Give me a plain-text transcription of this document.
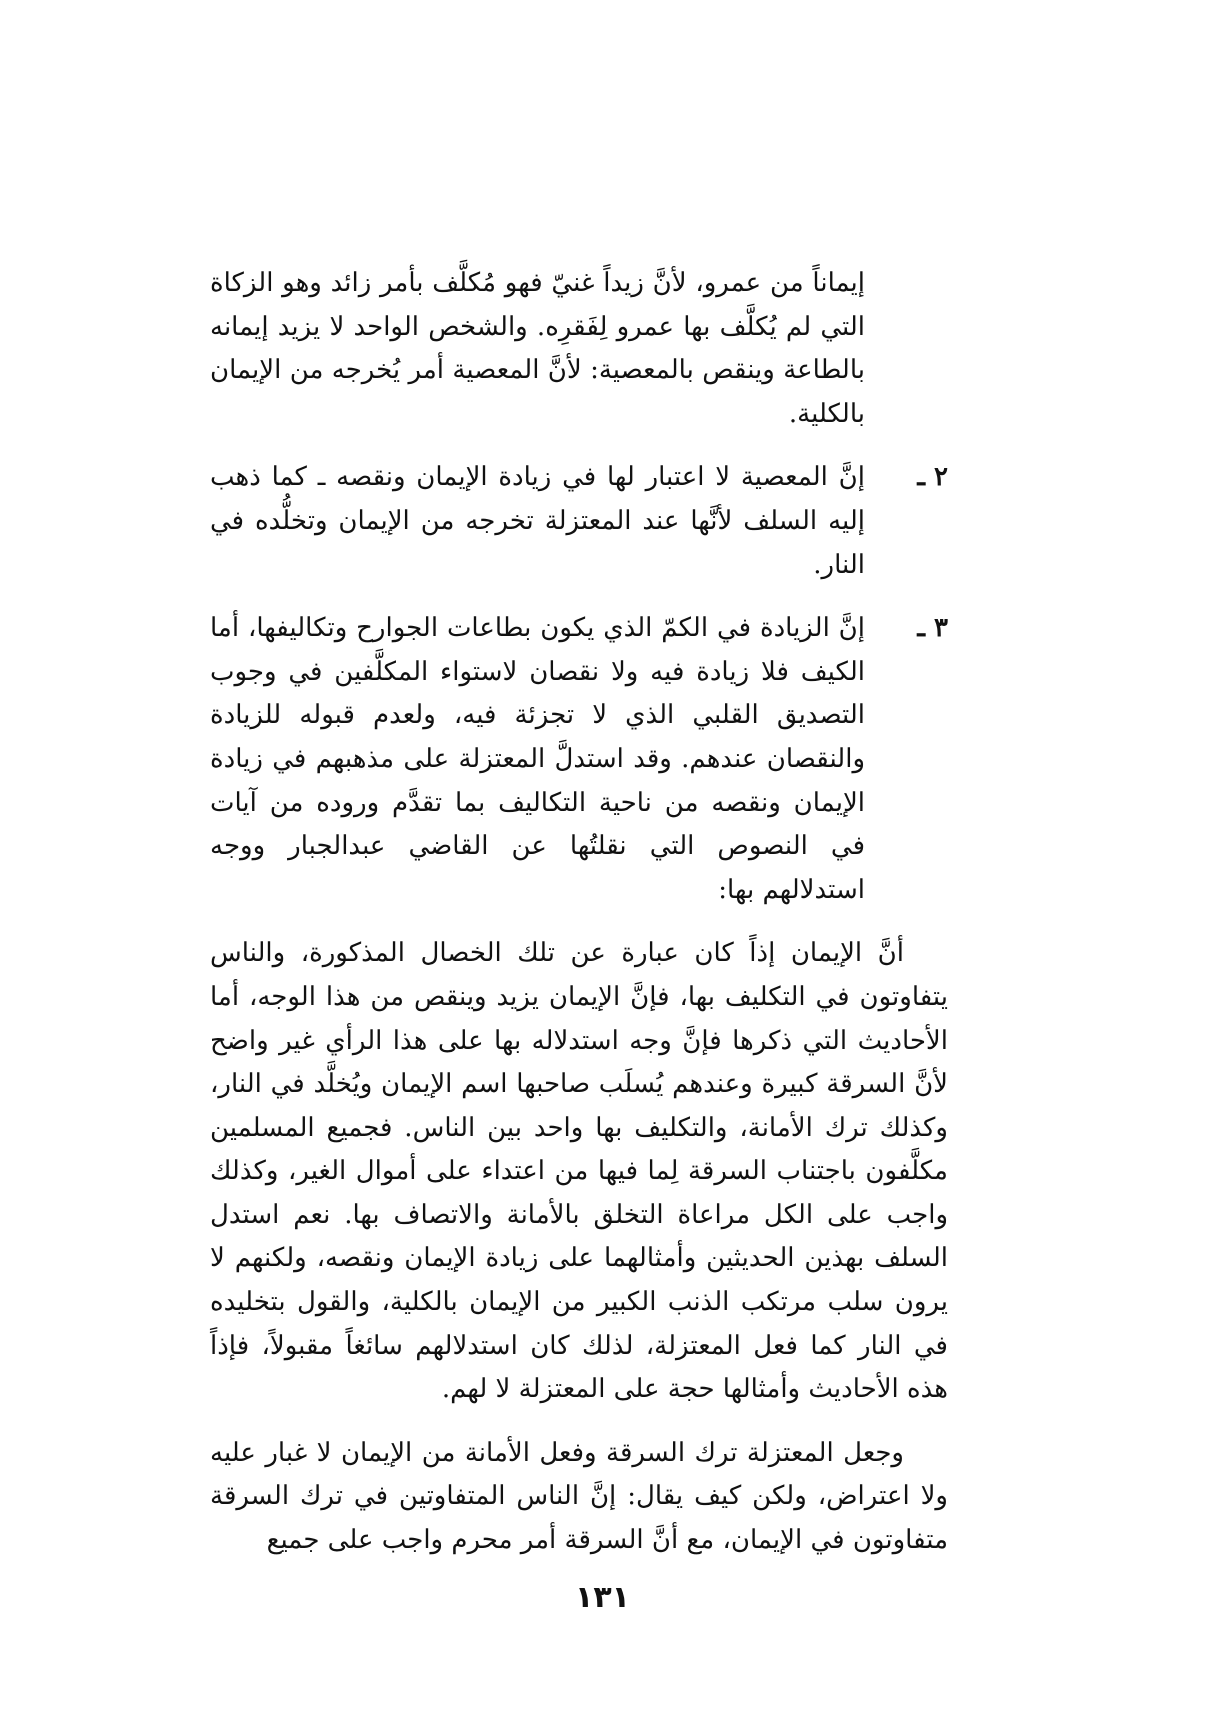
إيماناً من عمرو، لأنَّ زيداً غنيّ فهو مُكلَّف بأمر زائد وهو الزكاة التي لم يُكلَّف بها عمرو لِفَقرِه. والشخص الواحد لا يزيد إيمانه بالطاعة وينقص بالمعصية: لأنَّ المعصية أمر يُخرجه من الإيمان بالكلية.

٢ ـ

إنَّ المعصية لا اعتبار لها في زيادة الإيمان ونقصه ـ كما ذهب إليه السلف لأنَّها عند المعتزلة تخرجه من الإيمان وتخلُّده في النار.

٣ ـ

إنَّ الزيادة في الكمّ الذي يكون بطاعات الجوارح وتكاليفها، أما الكيف فلا زيادة فيه ولا نقصان لاستواء المكلَّفين في وجوب التصديق القلبي الذي لا تجزئة فيه، ولعدم قبوله للزيادة والنقصان عندهم. وقد استدلَّ المعتزلة على مذهبهم في زيادة الإيمان ونقصه من ناحية التكاليف بما تقدَّم وروده من آيات في النصوص التي نقلتُها عن القاضي عبدالجبار ووجه استدلالهم بها:

أنَّ الإيمان إذاً كان عبارة عن تلك الخصال المذكورة، والناس يتفاوتون في التكليف بها، فإنَّ الإيمان يزيد وينقص من هذا الوجه، أما الأحاديث التي ذكرها فإنَّ وجه استدلاله بها على هذا الرأي غير واضح لأنَّ السرقة كبيرة وعندهم يُسلَب صاحبها اسم الإيمان ويُخلَّد في النار، وكذلك ترك الأمانة، والتكليف بها واحد بين الناس. فجميع المسلمين مكلَّفون باجتناب السرقة لِما فيها من اعتداء على أموال الغير، وكذلك واجب على الكل مراعاة التخلق بالأمانة والاتصاف بها. نعم استدل السلف بهذين الحديثين وأمثالهما على زيادة الإيمان ونقصه، ولكنهم لا يرون سلب مرتكب الذنب الكبير من الإيمان بالكلية، والقول بتخليده في النار كما فعل المعتزلة، لذلك كان استدلالهم سائغاً مقبولاً، فإذاً هذه الأحاديث وأمثالها حجة على المعتزلة لا لهم.

وجعل المعتزلة ترك السرقة وفعل الأمانة من الإيمان لا غبار عليه ولا اعتراض، ولكن كيف يقال: إنَّ الناس المتفاوتين في ترك السرقة متفاوتون في الإيمان، مع أنَّ السرقة أمر محرم واجب على جميع

١٣١
